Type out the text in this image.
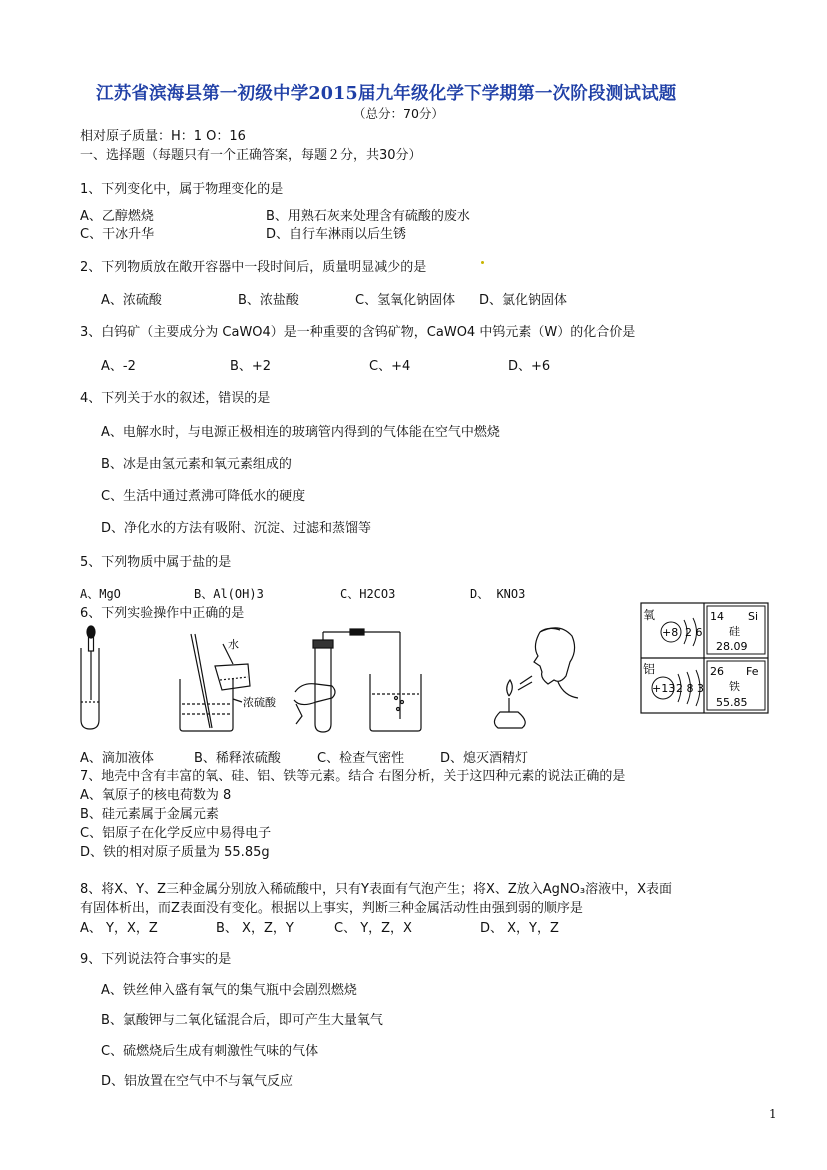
江苏省滨海县第一初级中学2015届九年级化学下学期第一次阶段测试试题
（总分：70分）
相对原子质量：H：1 O：16
一、选择题（每题只有一个正确答案，每题２分，共30分）
1、下列变化中，属于物理变化的是
A、乙醇燃烧	B、用熟石灰来处理含有硫酸的废水
C、干冰升华	D、自行车淋雨以后生锈
2、下列物质放在敞开容器中一段时间后，质量明显减少的是
A、浓硫酸	B、浓盐酸	C、氢氧化钠固体 D、氯化钠固体
3、白钨矿（主要成分为 CaWO4）是一种重要的含钨矿物，CaWO4 中钨元素（W）的化合价是
A、-2	B、+2	C、+4	D、+6
4、下列关于水的叙述，错误的是
A、电解水时，与电源正极相连的玻璃管内得到的气体能在空气中燃烧
B、冰是由氢元素和氧元素组成的
C、生活中通过煮沸可降低水的硬度
D、净化水的方法有吸附、沉淀、过滤和蒸馏等
5、下列物质中属于盐的是
A、MgO	B、Al(OH)3	C、H2CO3	D、 KNO3
6、下列实验操作中正确的是
水
浓硫酸
A、滴加液体	B、稀释浓硫酸	C、检查气密性	D、熄灭酒精灯
氧
+8 2 6
铝
+13 2 8 3
14 Si
硅
28.09
26 Fe
铁
55.85
7、地壳中含有丰富的氧、硅、铝、铁等元素。结合 右图分析，关于这四种元素的说法正确的是
A、氧原子的核电荷数为 8
B、硅元素属于金属元素
C、铝原子在化学反应中易得电子
D、铁的相对原子质量为 55.85g
8、将X、Y、Z三种金属分别放入稀硫酸中，只有Y表面有气泡产生；将X、Z放入AgNO₃溶液中，X表面
有固体析出，而Z表面没有变化。根据以上事实，判断三种金属活动性由强到弱的顺序是
A、 Y，X，Z	B、 X，Z，Y	C、 Y，Z，X	D、 X，Y，Z
9、下列说法符合事实的是
A、铁丝伸入盛有氧气的集气瓶中会剧烈燃烧
B、氯酸钾与二氧化锰混合后，即可产生大量氧气
C、硫燃烧后生成有刺激性气味的气体
D、铝放置在空气中不与氧气反应
1
